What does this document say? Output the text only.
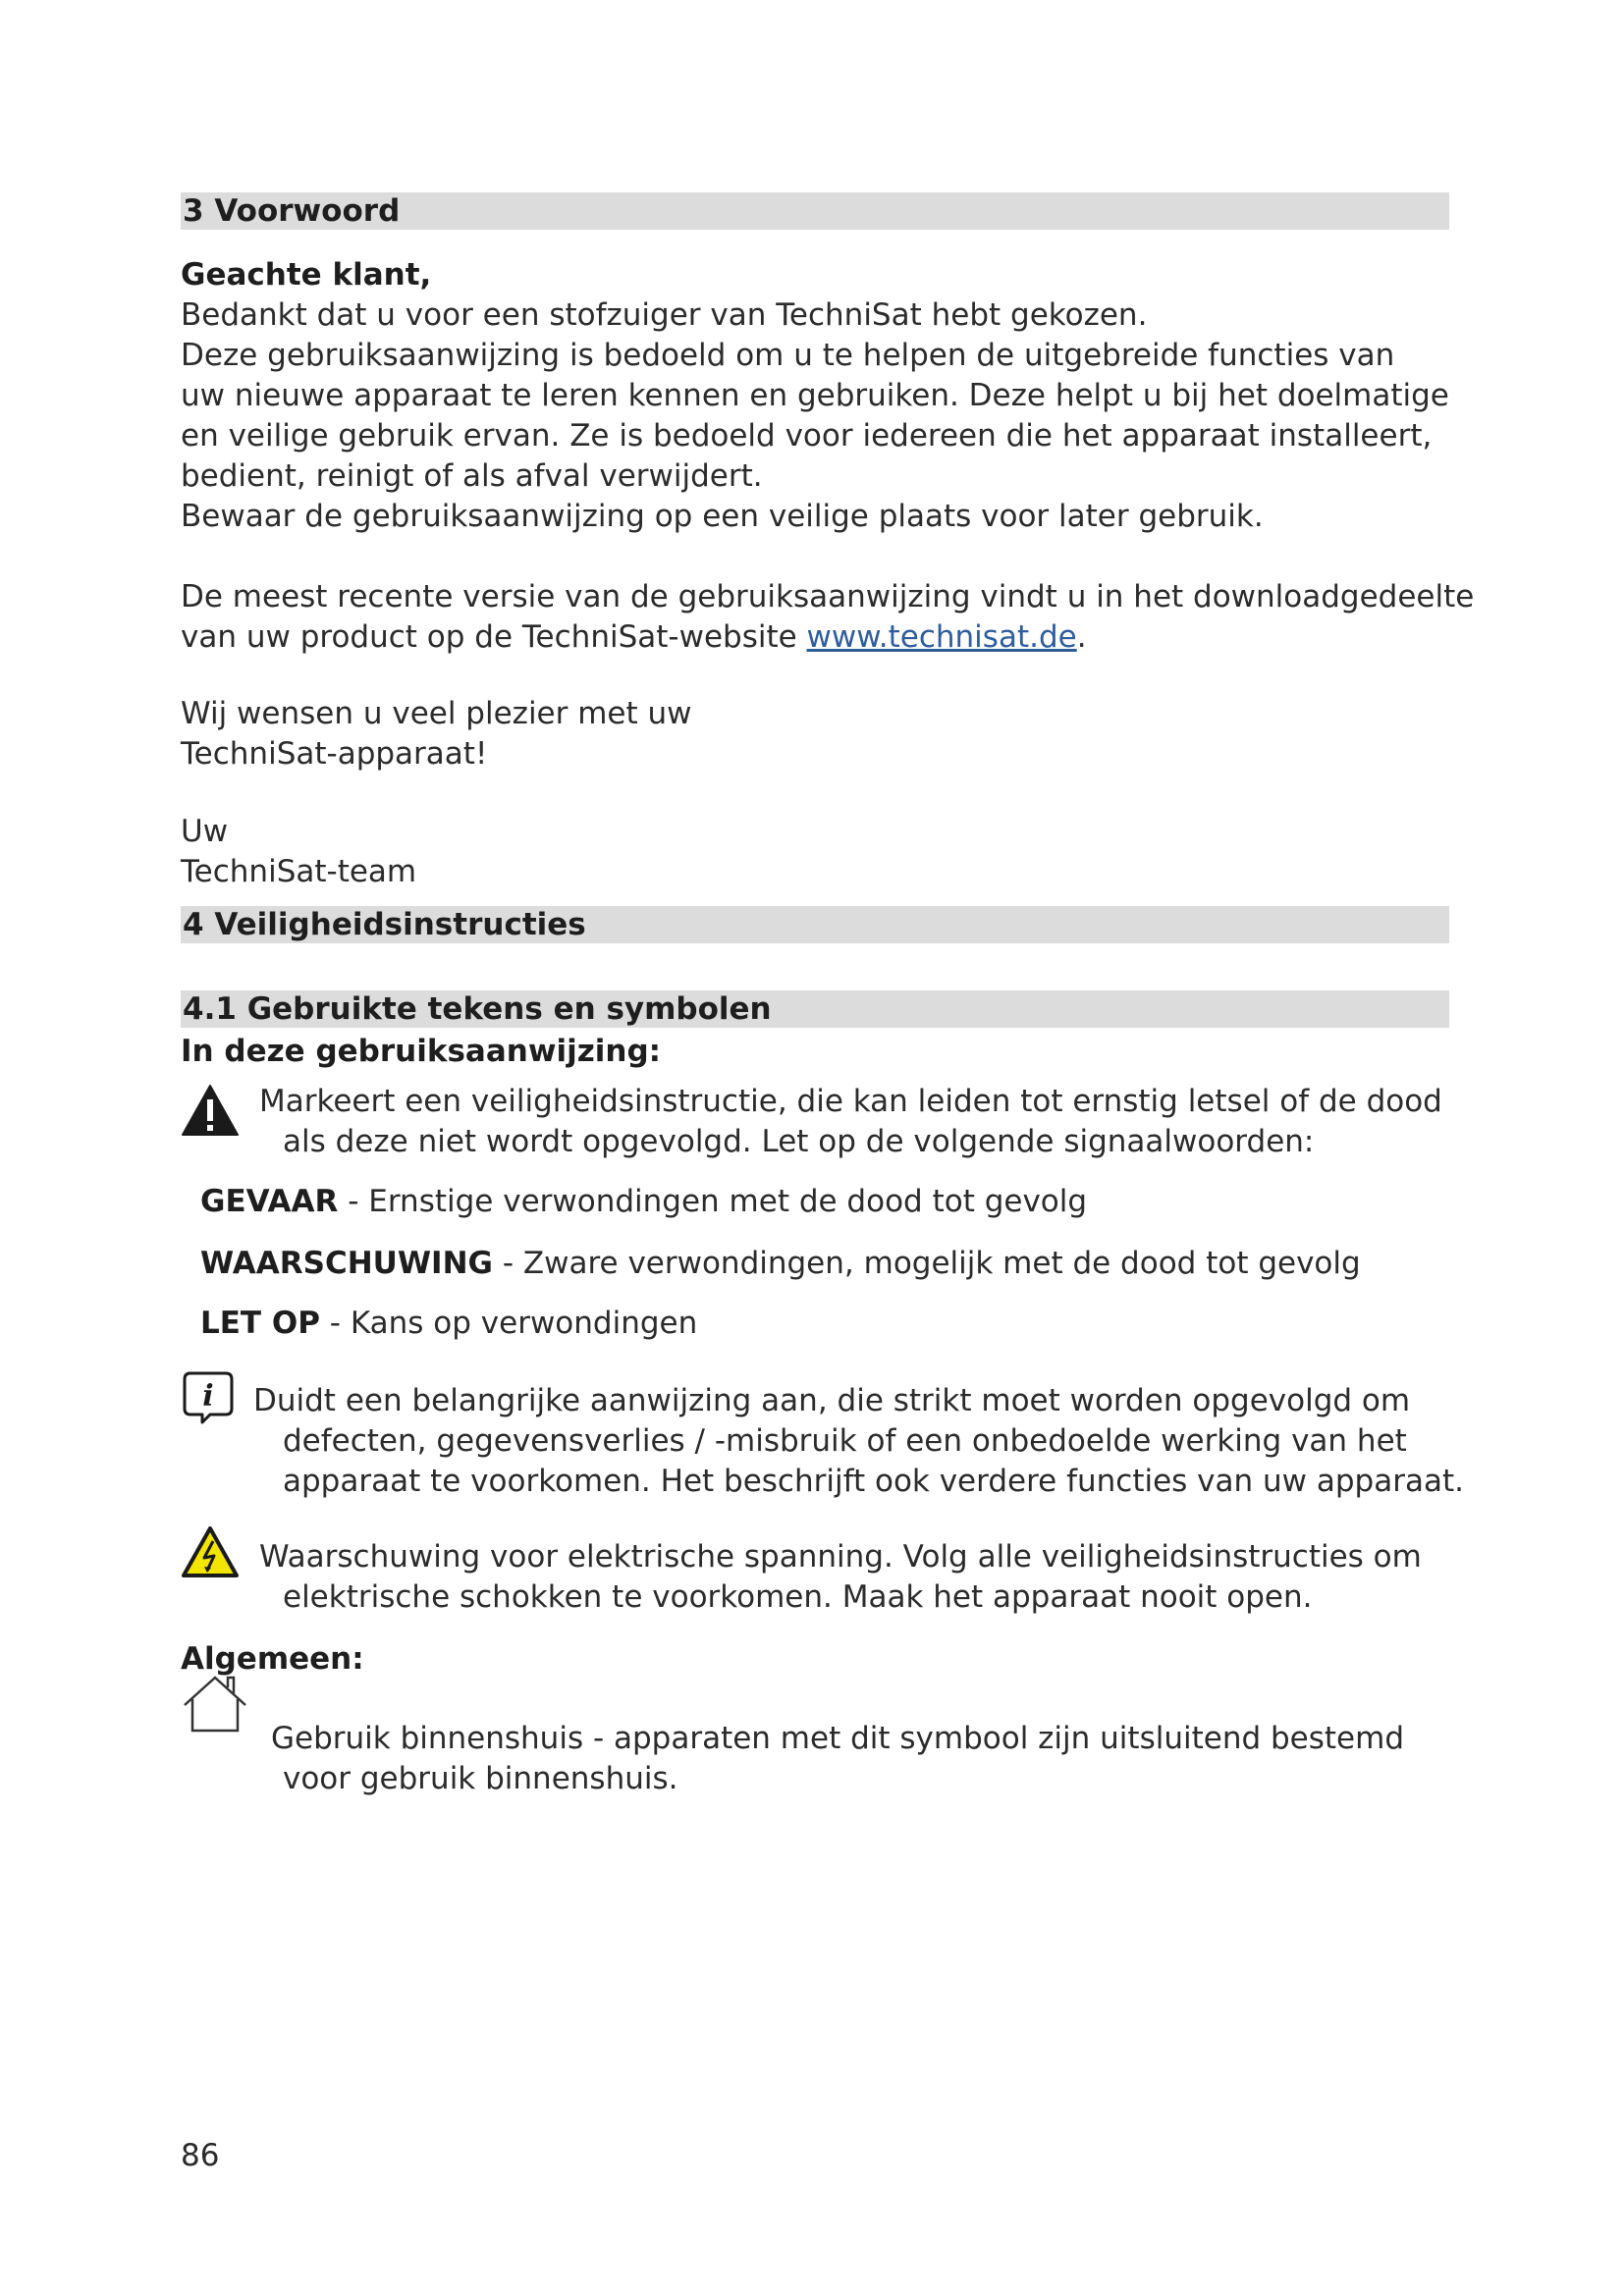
3 Voorwoord
Geachte klant,
Bedankt dat u voor een stofzuiger van TechniSat hebt gekozen.
Deze gebruiksaanwijzing is bedoeld om u te helpen de uitgebreide functies van
uw nieuwe apparaat te leren kennen en gebruiken. Deze helpt u bij het doelmatige
en veilige gebruik ervan. Ze is bedoeld voor iedereen die het apparaat installeert,
bedient, reinigt of als afval verwijdert.
Bewaar de gebruiksaanwijzing op een veilige plaats voor later gebruik.
De meest recente versie van de gebruiksaanwijzing vindt u in het downloadgedeelte
van uw product op de TechniSat-website www.technisat.de.
Wij wensen u veel plezier met uw
TechniSat-apparaat!
Uw
TechniSat-team
4 Veiligheidsinstructies
4.1 Gebruikte tekens en symbolen
In deze gebruiksaanwijzing:
Markeert een veiligheidsinstructie, die kan leiden tot ernstig letsel of de dood
als deze niet wordt opgevolgd. Let op de volgende signaalwoorden:
GEVAAR - Ernstige verwondingen met de dood tot gevolg
WAARSCHUWING - Zware verwondingen, mogelijk met de dood tot gevolg
LET OP - Kans op verwondingen
i	Duidt een belangrijke aanwijzing aan, die strikt moet worden opgevolgd om
defecten, gegevensverlies / -misbruik of een onbedoelde werking van het
apparaat te voorkomen. Het beschrijft ook verdere functies van uw apparaat.
Waarschuwing voor elektrische spanning. Volg alle veiligheidsinstructies om
elektrische schokken te voorkomen. Maak het apparaat nooit open.
Algemeen:
Gebruik binnenshuis - apparaten met dit symbool zijn uitsluitend bestemd
voor gebruik binnenshuis.
86
